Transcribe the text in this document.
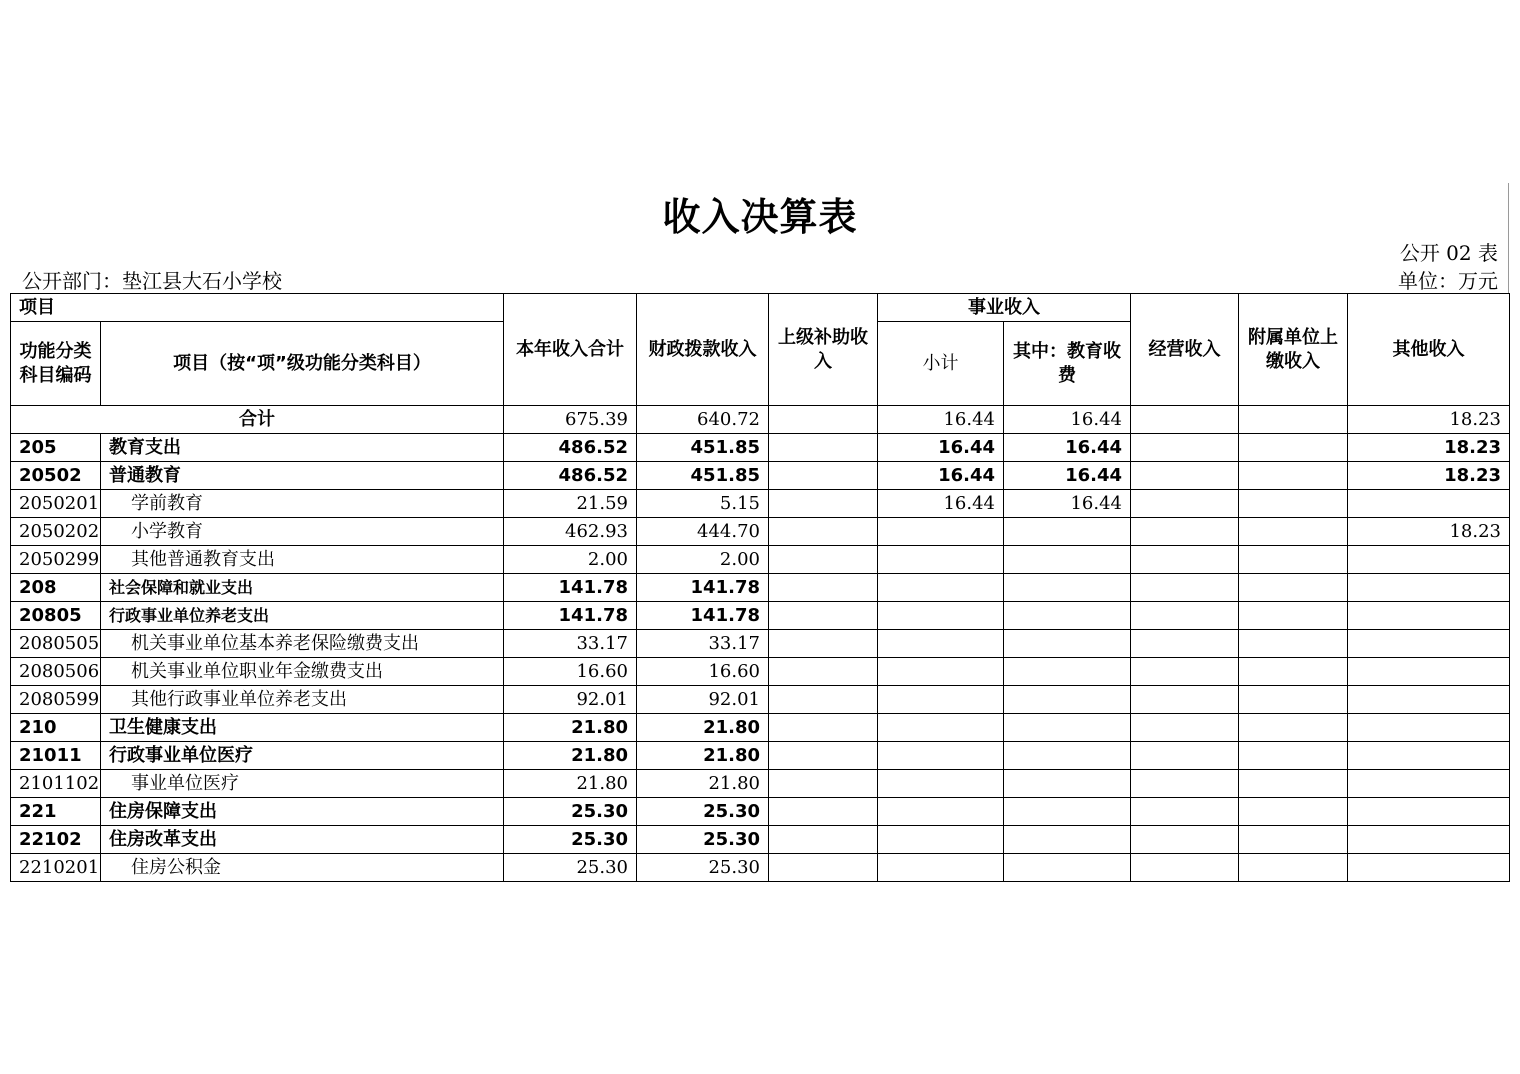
收入决算表
公开 02 表
公开部门：垫江县大石小学校	单位：万元
项目		本年收入合计	财政拨款收入	上级补助收入	事业收入		经营收入	附属单位上缴收入	其他收入
功能分类科目编码	项目（按“项”级功能分类科目）				小计	其中：教育收费			
合计		675.39	640.72		16.44	16.44			18.23
205	教育支出	486.52	451.85		16.44	16.44			18.23
20502	普通教育	486.52	451.85		16.44	16.44			18.23
2050201	学前教育	21.59	5.15		16.44	16.44			
2050202	小学教育	462.93	444.70						18.23
2050299	其他普通教育支出	2.00	2.00						
208	社会保障和就业支出	141.78	141.78						
20805	行政事业单位养老支出	141.78	141.78						
2080505	机关事业单位基本养老保险缴费支出	33.17	33.17						
2080506	机关事业单位职业年金缴费支出	16.60	16.60						
2080599	其他行政事业单位养老支出	92.01	92.01						
210	卫生健康支出	21.80	21.80						
21011	行政事业单位医疗	21.80	21.80						
2101102	事业单位医疗	21.80	21.80						
221	住房保障支出	25.30	25.30						
22102	住房改革支出	25.30	25.30						
2210201	住房公积金	25.30	25.30						
